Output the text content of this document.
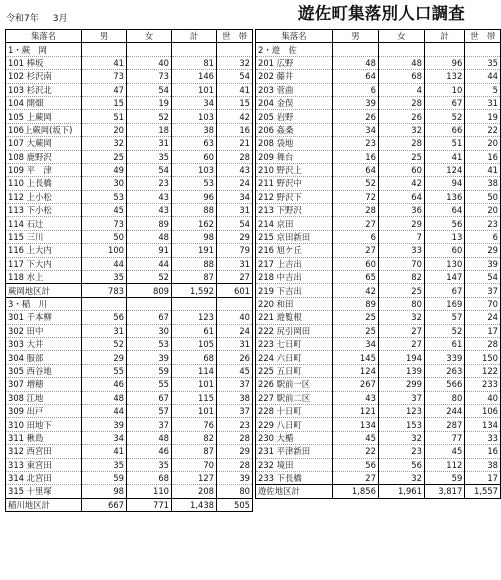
令和7年 3月	遊佐町集落別人口調査
集落名	男	女	計	世　帯
1・蕨　岡				
101 棒坂	41	40	81	32
102 杉沢南	73	73	146	54
103 杉沢北	47	54	101	41
104 開畑	15	19	34	15
105 上蕨岡	51	52	103	42
106上蕨岡(坂下)	20	18	38	16
107 大蕨岡	32	31	63	21
108 鹿野沢	25	35	60	28
109 平　津	49	54	103	43
110 上長橋	30	23	53	24
112 上小松	53	43	96	34
113 下小松	45	43	88	31
114 石辻	73	89	162	54
115 三川	50	48	98	29
116 上大内	100	91	191	79
117 下大内	44	44	88	31
118 水上	35	52	87	27
蕨岡地区計	783	809	1,592	601
3・稲　川				
301 千本柳	56	67	123	40
302 田中	31	30	61	24
303 大井	52	53	105	31
304 服部	29	39	68	26
305 西谷地	55	59	114	45
307 増穂	46	55	101	37
308 江地	48	67	115	38
309 出戸	44	57	101	37
310 田地下	39	37	76	23
311 楸島	34	48	82	28
312 西宮田	41	46	87	29
313 東宮田	35	35	70	28
314 北宮田	59	68	127	39
315 十里塚	98	110	208	80
稲川地区計	667	771	1,438	505
集落名	男	女	計	世　帯
2・遊　佐				
201 広野	48	48	96	35
202 藤井	64	68	132	44
203 菅曲	6	4	10	5
204 金俣	39	28	67	31
205 岩野	26	26	52	19
206 姦桑	34	32	66	22
208 袋地	23	28	51	20
209 舞台	16	25	41	16
210 野沢上	64	60	124	41
211 野沢中	52	42	94	38
212 野沢下	72	64	136	50
213 下野沢	28	36	64	20
214 京田	27	29	56	23
215 京田新田	6	7	13	6
216 旭ケ丘	27	33	60	29
217 上吉出	60	70	130	39
218 中吉出	65	82	147	54
219 下吉出	42	25	67	37
220 和田	89	80	169	70
221 遊覧根	25	32	57	24
222 尻引岡田	25	27	52	17
223 七日町	34	27	61	28
224 六日町	145	194	339	150
225 五日町	124	139	263	122
226 駅前一区	267	299	566	233
227 駅前二区	43	37	80	40
228 十日町	121	123	244	106
229 八日町	134	153	287	134
230 大楯	45	32	77	33
231 平津新田	22	23	45	16
232 境田	56	56	112	38
233 下長橋	27	32	59	17
遊佐地区計	1,856	1,961	3,817	1,557
